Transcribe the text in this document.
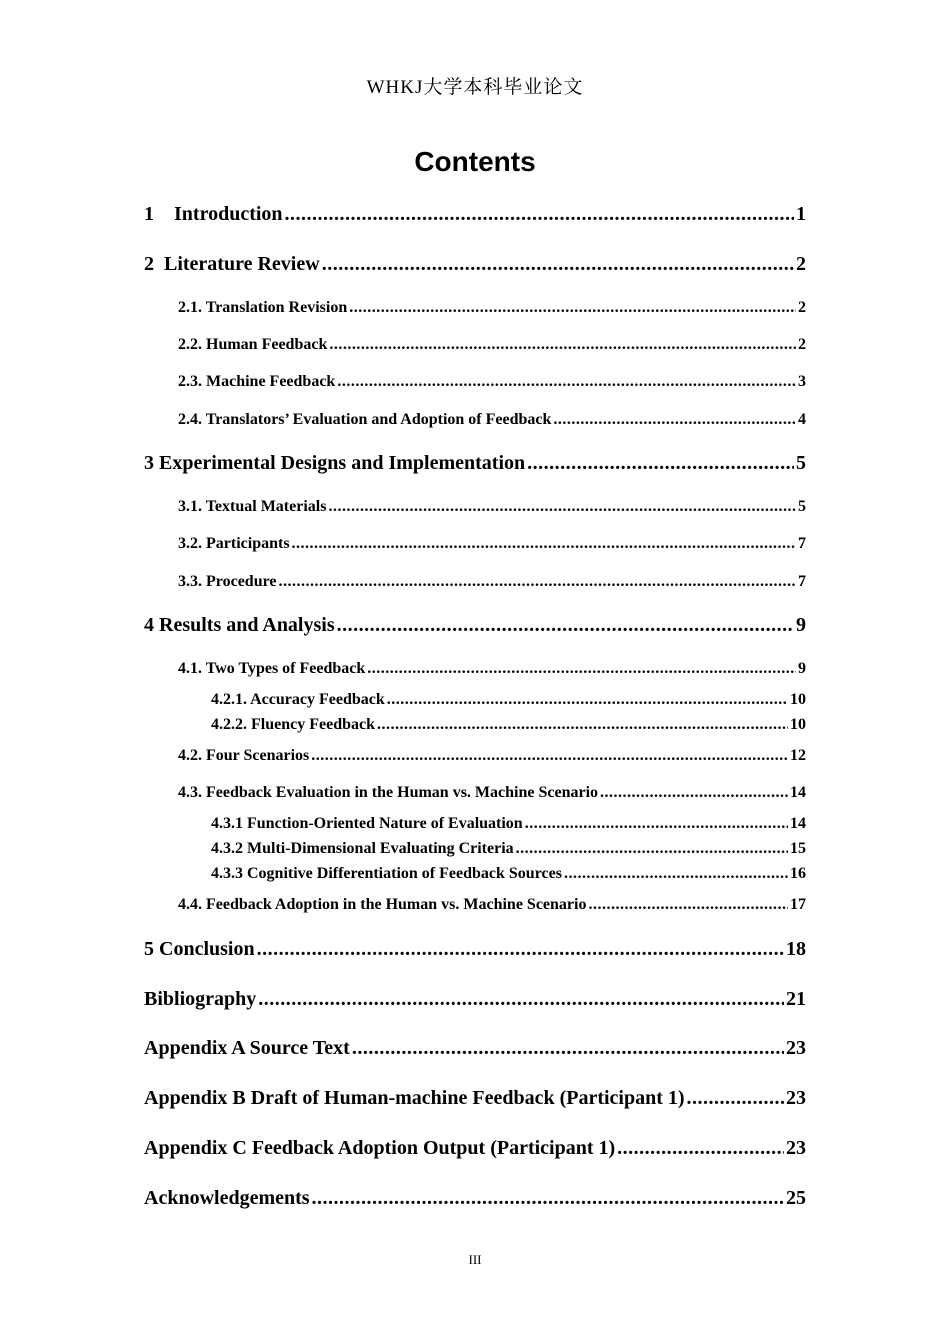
WHKJ大学本科毕业论文
Contents
1    Introduction .....	1
2  Literature Review .....	2
2.1. Translation Revision .....	2
2.2. Human Feedback .....	2
2.3. Machine Feedback .....	3
2.4. Translators’ Evaluation and Adoption of Feedback .....	4
3 Experimental Designs and Implementation .....	5
3.1. Textual Materials .....	5
3.2. Participants .....	7
3.3. Procedure .....	7
4 Results and Analysis .....	9
4.1. Two Types of Feedback .....	9
4.2.1. Accuracy Feedback .....	10
4.2.2. Fluency Feedback .....	10
4.2. Four Scenarios .....	12
4.3. Feedback Evaluation in the Human vs. Machine Scenario .....	14
4.3.1 Function-Oriented Nature of Evaluation .....	14
4.3.2 Multi-Dimensional Evaluating Criteria .....	15
4.3.3 Cognitive Differentiation of Feedback Sources .....	16
4.4. Feedback Adoption in the Human vs. Machine Scenario .....	17
5 Conclusion .....	18
Bibliography .....	21
Appendix A Source Text .....	23
Appendix B Draft of Human-machine Feedback (Participant 1) .....	23
Appendix C Feedback Adoption Output (Participant 1) .....	23
Acknowledgements .....	25
III
